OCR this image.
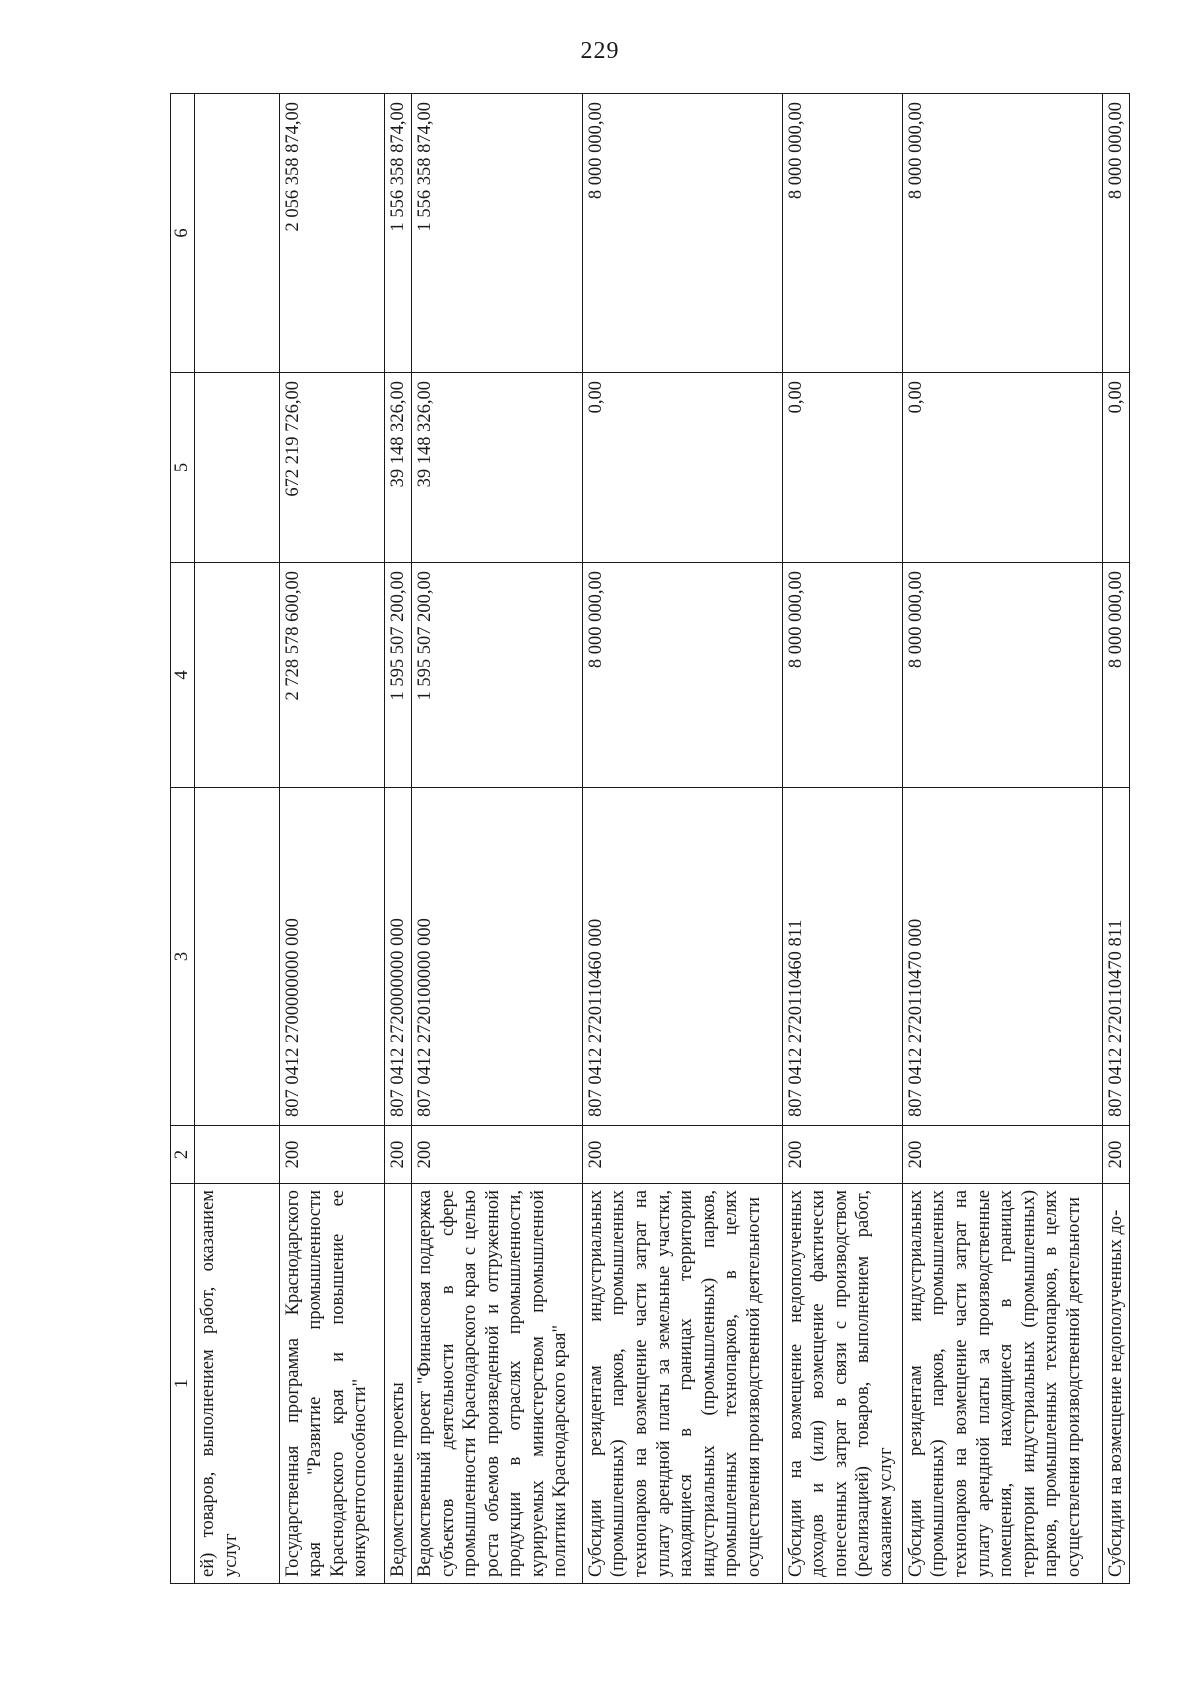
229
1	2	3	4	5	6
ей) товаров, выполнением работ, оказанием услуг					
Государственная программа Краснодарского края "Развитие промышленности Краснодарского края и повышение ее конкурентоспособности"	200	807 0412 2700000000 000	2 728 578 600,00	672 219 726,00	2 056 358 874,00
Ведомственные проекты	200	807 0412 2720000000 000	1 595 507 200,00	39 148 326,00	1 556 358 874,00
Ведомственный проект "Финансовая поддержка субъектов деятельности в сфере промышленности Краснодарского края с целью роста объемов произведенной и отгруженной продукции в отраслях промышленности, курируемых министерством промышленной политики Краснодарского края"	200	807 0412 2720100000 000	1 595 507 200,00	39 148 326,00	1 556 358 874,00
Субсидии резидентам индустриальных (промышленных) парков, промышленных технопарков на возмещение части затрат на уплату арендной платы за земельные участки, находящиеся в границах территории индустриальных (промышленных) парков, промышленных технопарков, в целях осуществления производственной деятельности	200	807 0412 2720110460 000	8 000 000,00	0,00	8 000 000,00
Субсидии на возмещение недополученных доходов и (или) возмещение фактически понесенных затрат в связи с производством (реализацией) товаров, выполнением работ, оказанием услуг	200	807 0412 2720110460 811	8 000 000,00	0,00	8 000 000,00
Субсидии резидентам индустриальных (промышленных) парков, промышленных технопарков на возмещение части затрат на уплату арендной платы за производственные помещения, находящиеся в границах территории индустриальных (промышленных) парков, промышленных технопарков, в целях осуществления производственной деятельности	200	807 0412 2720110470 000	8 000 000,00	0,00	8 000 000,00
Субсидии на возмещение недополученных до-	200	807 0412 2720110470 811	8 000 000,00	0,00	8 000 000,00
